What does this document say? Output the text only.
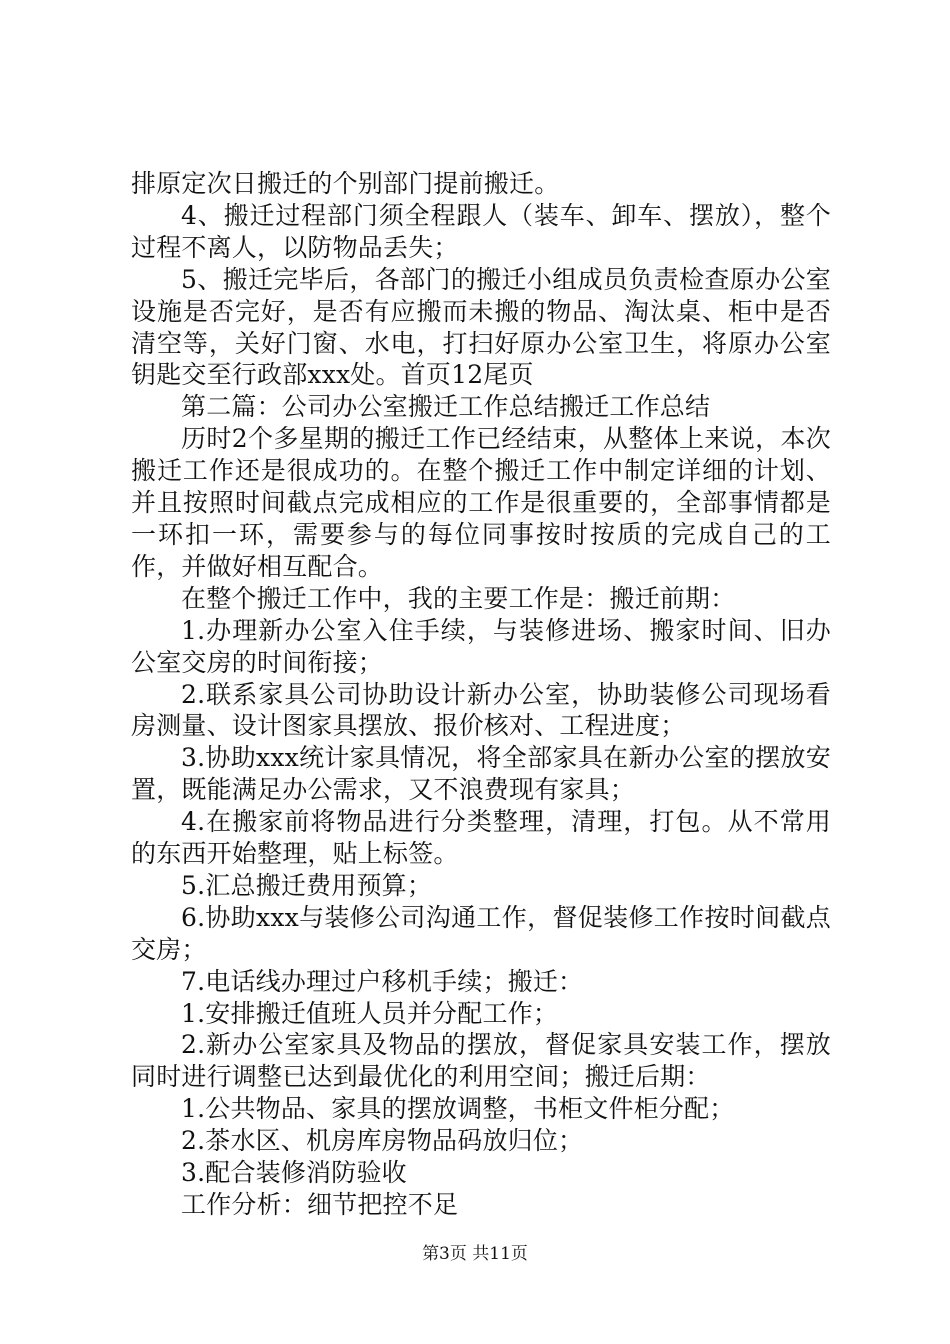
排原定次日搬迁的个别部门提前搬迁。

4、搬迁过程部门须全程跟人（装车、卸车、摆放），整个过程不离人，以防物品丢失；

5、搬迁完毕后，各部门的搬迁小组成员负责检查原办公室设施是否完好，是否有应搬而未搬的物品、淘汰桌、柜中是否清空等，关好门窗、水电，打扫好原办公室卫生，将原办公室钥匙交至行政部xxx处。首页12尾页

第二篇：公司办公室搬迁工作总结搬迁工作总结

历时2个多星期的搬迁工作已经结束，从整体上来说，本次搬迁工作还是很成功的。在整个搬迁工作中制定详细的计划、并且按照时间截点完成相应的工作是很重要的，全部事情都是一环扣一环，需要参与的每位同事按时按质的完成自己的工作，并做好相互配合。

在整个搬迁工作中，我的主要工作是：搬迁前期：

1.办理新办公室入住手续，与装修进场、搬家时间、旧办公室交房的时间衔接；

2.联系家具公司协助设计新办公室，协助装修公司现场看房测量、设计图家具摆放、报价核对、工程进度；

3.协助xxx统计家具情况，将全部家具在新办公室的摆放安置，既能满足办公需求，又不浪费现有家具；

4.在搬家前将物品进行分类整理，清理，打包。从不常用的东西开始整理，贴上标签。

5.汇总搬迁费用预算；

6.协助xxx与装修公司沟通工作，督促装修工作按时间截点交房；

7.电话线办理过户移机手续；搬迁：

1.安排搬迁值班人员并分配工作；

2.新办公室家具及物品的摆放，督促家具安装工作，摆放同时进行调整已达到最优化的利用空间；搬迁后期：

1.公共物品、家具的摆放调整，书柜文件柜分配；

2.茶水区、机房库房物品码放归位；

3.配合装修消防验收

工作分析：细节把控不足

第3页 共11页
